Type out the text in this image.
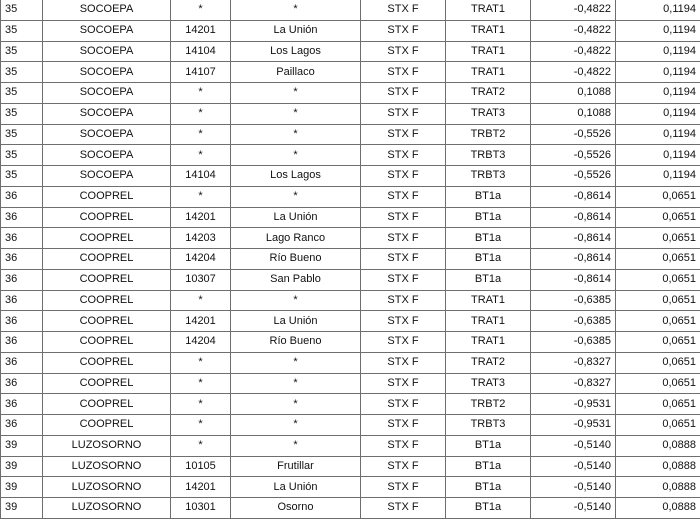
35	SOCOEPA	*	*	STX F	TRAT1	-0,4822	0,1194
35	SOCOEPA	14201	La Unión	STX F	TRAT1	-0,4822	0,1194
35	SOCOEPA	14104	Los Lagos	STX F	TRAT1	-0,4822	0,1194
35	SOCOEPA	14107	Paillaco	STX F	TRAT1	-0,4822	0,1194
35	SOCOEPA	*	*	STX F	TRAT2	0,1088	0,1194
35	SOCOEPA	*	*	STX F	TRAT3	0,1088	0,1194
35	SOCOEPA	*	*	STX F	TRBT2	-0,5526	0,1194
35	SOCOEPA	*	*	STX F	TRBT3	-0,5526	0,1194
35	SOCOEPA	14104	Los Lagos	STX F	TRBT3	-0,5526	0,1194
36	COOPREL	*	*	STX F	BT1a	-0,8614	0,0651
36	COOPREL	14201	La Unión	STX F	BT1a	-0,8614	0,0651
36	COOPREL	14203	Lago Ranco	STX F	BT1a	-0,8614	0,0651
36	COOPREL	14204	Río Bueno	STX F	BT1a	-0,8614	0,0651
36	COOPREL	10307	San Pablo	STX F	BT1a	-0,8614	0,0651
36	COOPREL	*	*	STX F	TRAT1	-0,6385	0,0651
36	COOPREL	14201	La Unión	STX F	TRAT1	-0,6385	0,0651
36	COOPREL	14204	Río Bueno	STX F	TRAT1	-0,6385	0,0651
36	COOPREL	*	*	STX F	TRAT2	-0,8327	0,0651
36	COOPREL	*	*	STX F	TRAT3	-0,8327	0,0651
36	COOPREL	*	*	STX F	TRBT2	-0,9531	0,0651
36	COOPREL	*	*	STX F	TRBT3	-0,9531	0,0651
39	LUZOSORNO	*	*	STX F	BT1a	-0,5140	0,0888
39	LUZOSORNO	10105	Frutillar	STX F	BT1a	-0,5140	0,0888
39	LUZOSORNO	14201	La Unión	STX F	BT1a	-0,5140	0,0888
39	LUZOSORNO	10301	Osorno	STX F	BT1a	-0,5140	0,0888
